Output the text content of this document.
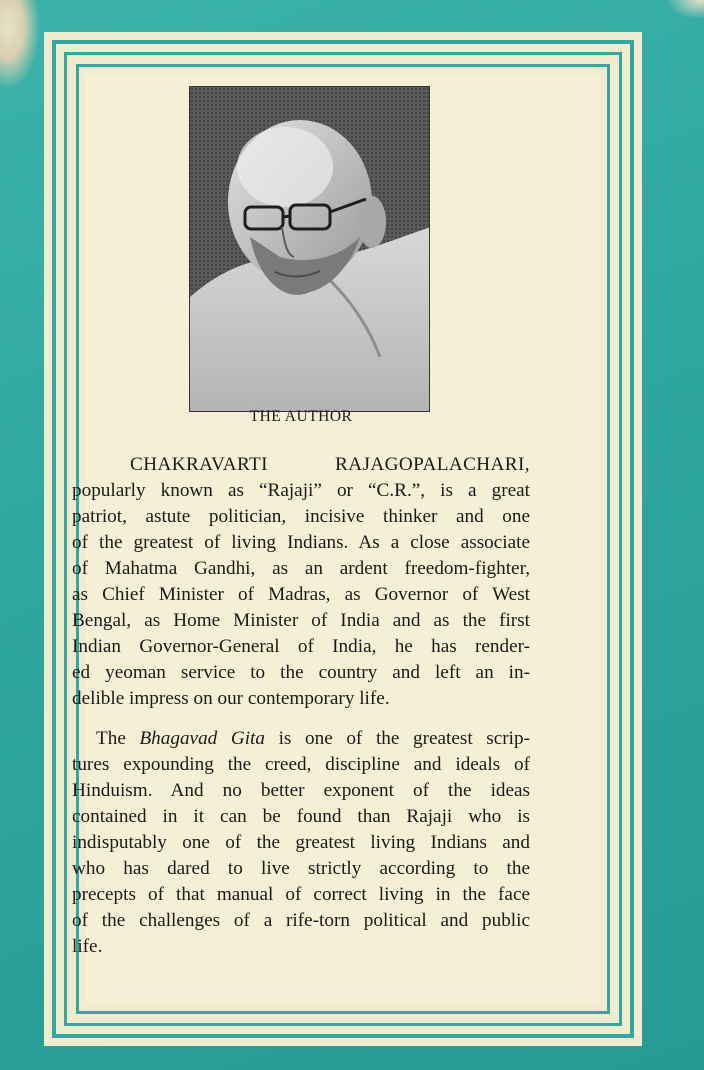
THE AUTHOR
CHAKRAVARTI RAJAGOPALACHARI,
popularly known as “Rajaji” or “C.R.”, is a great
patriot, astute politician, incisive thinker and one
of the greatest of living Indians. As a close associate
of Mahatma Gandhi, as an ardent freedom-fighter,
as Chief Minister of Madras, as Governor of West
Bengal, as Home Minister of India and as the first
Indian Governor-General of India, he has render-
ed yeoman service to the country and left an in-
delible impress on our contemporary life.
The Bhagavad Gita is one of the greatest scrip-
tures expounding the creed, discipline and ideals of
Hinduism. And no better exponent of the ideas
contained in it can be found than Rajaji who is
indisputably one of the greatest living Indians and
who has dared to live strictly according to the
precepts of that manual of correct living in the face
of the challenges of a rife-torn political and public
life.
